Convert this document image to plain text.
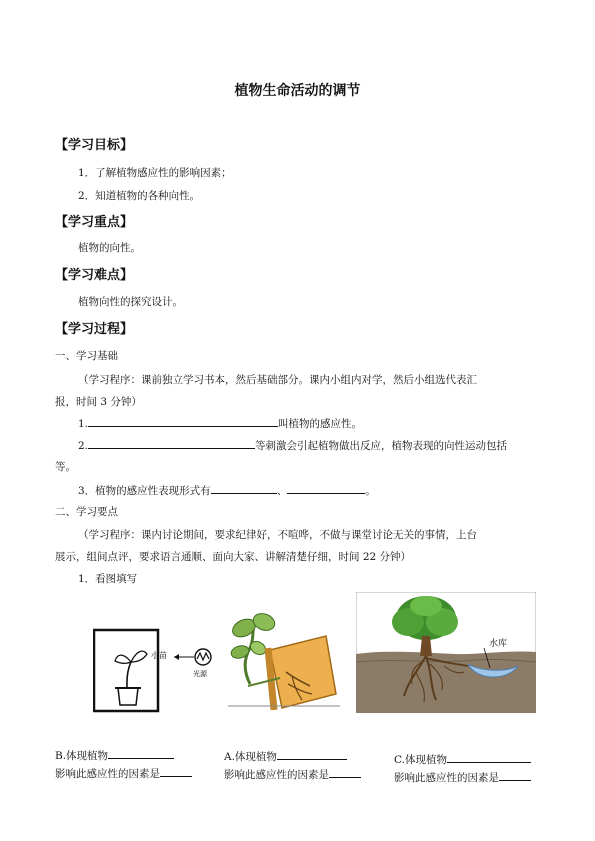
植物生命活动的调节
【学习目标】
1．了解植物感应性的影响因素；
2．知道植物的各种向性。
【学习重点】
植物的向性。
【学习难点】
植物向性的探究设计。
【学习过程】
一、学习基础
（学习程序：课前独立学习书本，然后基础部分。课内小组内对学，然后小组选代表汇
报，时间 3 分钟）
1.	叫植物的感应性。
2.	等刺激会引起植物做出反应，植物表现的向性运动包括
等。
3．植物的感应性表现形式有	、	。
二、学习要点
（学习程序：课内讨论期间，要求纪律好，不喧哗，不做与课堂讨论无关的事情，上台
展示，组间点评，要求语言通顺、面向大家、讲解清楚仔细，时间 22 分钟）
1．看图填写
小苗
光源
水库
B.体现植物
影响此感应性的因素是
A.体现植物
影响此感应性的因素是
C.体现植物
影响此感应性的因素是
